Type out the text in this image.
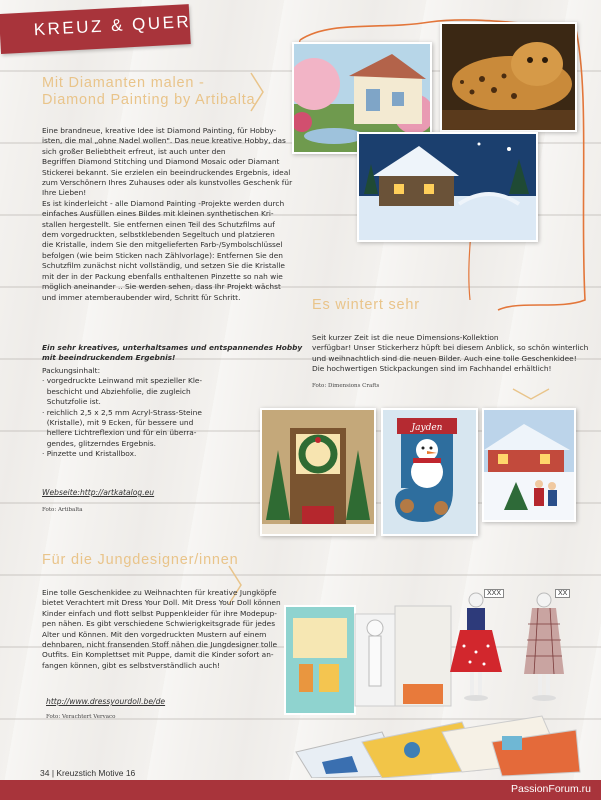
KREUZ & QUER
Mit Diamanten malen -
Diamond Painting by Artibalta
Eine brandneue, kreative Idee ist Diamond Painting, für Hobby-
isten, die mal „ohne Nadel wollen". Das neue kreative Hobby, das
sich großer Beliebtheit erfreut, ist auch unter den
Begriffen Diamond Stitching und Diamond Mosaic oder Diamant
Stickerei bekannt. Sie erzielen ein beeindruckendes Ergebnis, ideal
zum Verschönern Ihres Zuhauses oder als kunstvolles Geschenk für
Ihre Lieben!
Es ist kinderleicht - alle Diamond Painting -Projekte werden durch
einfaches Ausfüllen eines Bildes mit kleinen synthetischen Kri-
stallen hergestellt. Sie entfernen einen Teil des Schutzfilms auf
dem vorgedruckten, selbstklebenden Segeltuch und platzieren
die Kristalle, indem Sie den mitgelieferten Farb-/Symbolschlüssel
befolgen (wie beim Sticken nach Zählvorlage): Entfernen Sie den
Schutzfilm zunächst nicht vollständig, und setzen Sie die Kristalle
mit der in der Packung ebenfalls enthaltenen Pinzette so nah wie
möglich aneinander .. Sie werden sehen, dass Ihr Projekt wächst
und immer atemberaubender wird, Schritt für Schritt.
Ein sehr kreatives, unterhaltsames und entspannendes Hobby
mit beeindruckendem Ergebnis!
Packungsinhalt:
· vorgedruckte Leinwand mit spezieller Kle-
beschicht und Abziehfolie, die zugleich
Schutzfolie ist.
· reichlich 2,5 x 2,5 mm Acryl-Strass-Steine
(Kristalle), mit 9 Ecken, für bessere und
hellere Lichtreflexion und für ein überra-
gendes, glitzerndes Ergebnis.
· Pinzette und Kristallbox.
Webseite:http://artkatalog.eu
Foto: Artibalta
Es wintert sehr
Seit kurzer Zeit ist die neue Dimensions-Kollektion
verfügbar! Unser Stickerherz hüpft bei diesem Anblick, so schön winterlich
und weihnachtlich sind die neuen Bilder. Auch eine tolle Geschenkidee!
Die hochwertigen Stickpackungen sind im Fachhandel erhältlich!
Foto: Dimensions Crafts
Jayden
Für die Jungdesigner/innen
Eine tolle Geschenkidee zu Weihnachten für kreative Jungköpfe
bietet Verachtert mit Dress Your Doll. Mit Dress Your Doll können
Kinder einfach und flott selbst Puppenkleider für ihre Modepup-
pen nähen. Es gibt verschiedene Schwierigkeitsgrade für jedes
Alter und Können. Mit den vorgedruckten Mustern auf einem
dehnbaren, nicht fransenden Stoff nähen die Jungdesigner tolle
Outfits. Ein Komplettset mit Puppe, damit die Kinder sofort an-
fangen können, gibt es selbstverständlich auch!
http://www.dressyourdoll.be/de
Foto: Verachtert Vervaco
XXX	XX
34 | Kreuzstich Motive 16
PassionForum.ru
